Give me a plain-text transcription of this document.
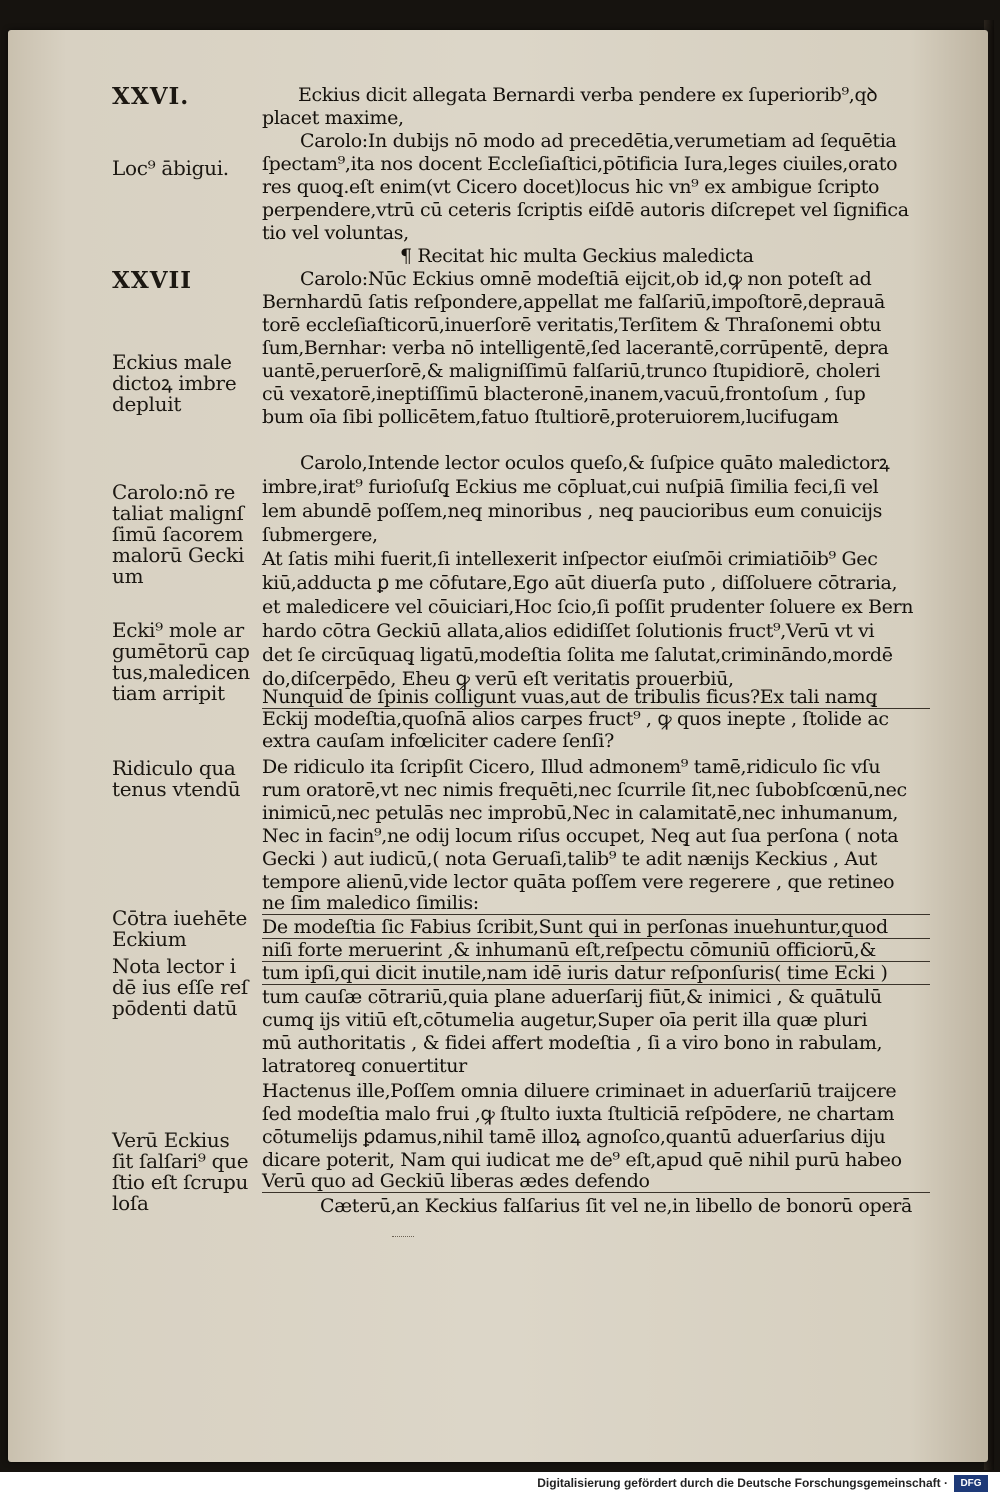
XXVI.
Loc⁹ ābigui.
XXVII
Eckius male
dictoꝝ imbre
depluit
Carolo:nō re
taliat malignſ
ſimū ſacorem
malorū Gecki
um
Ecki⁹ mole ar
gumētorū cap
tus,maledicen
tiam arripit
Ridiculo qua
tenus vtendū
Cōtra iuehēte
Eckium
Nota lector i
dē ius eſſe reſ
pōdenti datū
Verū Eckius
ſit ſalſari⁹ que
ſtio eſt ſcrupu
loſa
Eckius dicit allegata Bernardi verba pendere ex ſuperiorib⁹,qꝺ
placet maxime,
Carolo:In dubijs nō modo ad precedētia,verumetiam ad ſequētia
ſpectam⁹,ita nos docent Eccleſiaſtici,pōtificia Iura,leges ciuiles,orato
res quoq̧.eſt enim(vt Cicero docet)locus hic vn⁹ ex ambigue ſcripto
perpendere,vtrū cū ceteris ſcriptis eiſdē autoris diſcrepet vel ſignifica
tio vel voluntas,
¶ Recitat hic multa Geckius maledicta
Carolo:Nūc Eckius omnē modeſtiā eijcit,ob id,ꝙ non poteſt ad
Bernhardū ſatis reſpondere,appellat me falſariū,impoſtorē,deprauā
torē eccleſiaſticorū,inuerſorē veritatis,Terſitem & Thraſonemi obtu
ſum,Bernhar: verba nō intelligentē,ſed lacerantē,corrūpentē, depra
uantē,peruerſorē,& maligniſſimū falſariū,trunco ſtupidiorē, choleri
cū vexatorē,ineptiſſimū blacteronē,inanem,vacuū,frontoſum , ſup
bum oīa ſibi pollicētem,fatuo ſtultiorē,proteruiorem,lucifugam
Carolo,Intende lector oculos queſo,& ſuſpice quāto maledictorꝝ
imbre,irat⁹ furioſuſq̧ Eckius me cōpluat,cui nuſpiā ſimilia feci,ſi vel
lem abundē poſſem,neq̧ minoribus , neq̧ paucioribus eum conuicijs
ſubmergere,
At ſatis mihi fuerit,ſi intellexerit inſpector eiuſmōi crimiatiōib⁹ Gec
kiū,adducta ꝑ me cōfutare,Ego aūt diuerſa puto , diſſoluere cōtraria,
et maledicere vel cōuiciari,Hoc ſcio,ſi poſſit prudenter ſoluere ex Bern
hardo cōtra Geckiū allata,alios edidiſſet ſolutionis fruct⁹,Verū vt vi
det ſe circūquaq̧ ligatū,modeſtia ſolita me ſalutat,crimināndo,mordē
do,diſcerpēdo, Eheu ꝙ verū eſt veritatis prouerbiū,
Nunquid de ſpinis colligunt vuas,aut de tribulis ficus?Ex tali namq̧
Eckij modeſtia,quoſnā alios carpes fruct⁹ , ꝙ quos inepte , ſtolide ac
extra cauſam infœliciter cadere ſenſi?
De ridiculo ita ſcripſit Cicero, Illud admonem⁹ tamē,ridiculo ſic vſu
rum oratorē,vt nec nimis frequēti,nec ſcurrile ſit,nec ſubobſcœnū,nec
inimicū,nec petulās nec improbū,Nec in calamitatē,nec inhumanum,
Nec in facin⁹,ne odij locum riſus occupet, Neq̧ aut ſua perſona ( nota
Gecki ) aut iudicū,( nota Geruaſi,talib⁹ te adit nænijs Keckius , Aut
tempore alienū,vide lector quāta poſſem vere regerere , que retineo
ne ſim maledico ſimilis:
De modeſtia ſic Fabius ſcribit,Sunt qui in perſonas inuehuntur,quod
niſi forte meruerint ,& inhumanū eſt,reſpectu cōmuniū officiorū,&
tum ipſi,qui dicit inutile,nam idē iuris datur reſponſuris( time Ecki )
tum cauſæ cōtrariū,quia plane aduerſarij fiūt,& inimici , & quātulū
cumq̧ ijs vitiū eſt,cōtumelia augetur,Super oīa perit illa quæ pluri
mū authoritatis , & fidei affert modeſtia , ſi a viro bono in rabulam,
latratoreq̧ conuertitur
Hactenus ille,Poſſem omnia diluere criminaet in aduerſariū traijcere
ſed modeſtia malo frui ,ꝙ ſtulto iuxta ſtulticiā reſpōdere, ne chartam
cōtumelijs ꝑdamus,nihil tamē illoꝝ agnoſco,quantū aduerſarius diju
dicare poterit, Nam qui iudicat me de⁹ eſt,apud quē nihil purū habeo
Verū quo ad Geckiū liberas ædes defendo
Cæterū,an Keckius falſarius ſit vel ne,in libello de bonorū operā
Digitalisierung gefördert durch die Deutsche Forschungsgemeinschaft ·	DFG
